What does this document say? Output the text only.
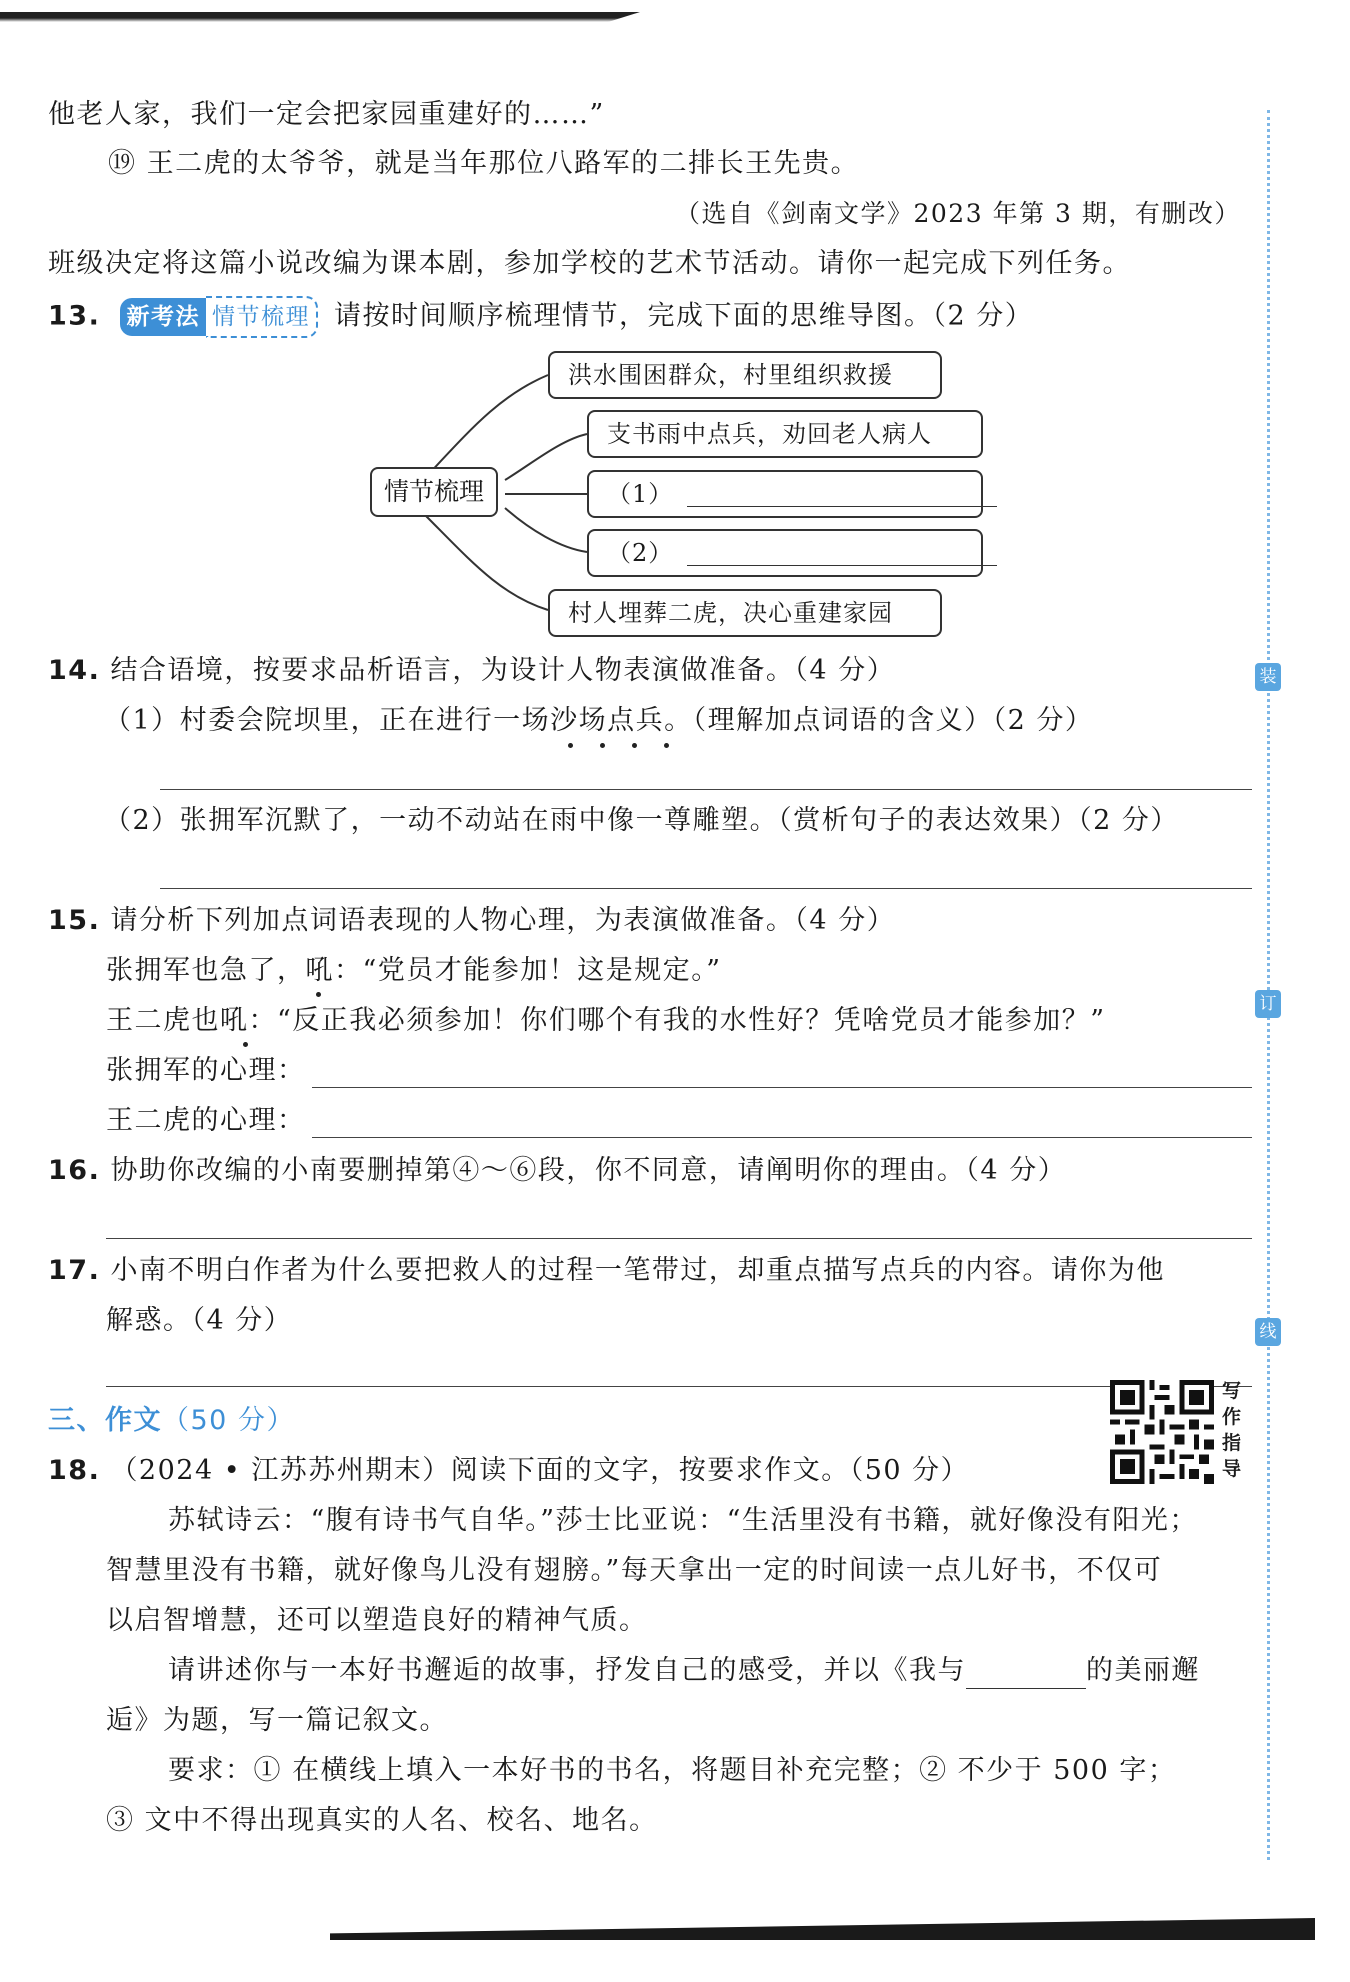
装
订
线
他老人家，我们一定会把家园重建好的……”
⑲ 王二虎的太爷爷，就是当年那位八路军的二排长王先贵。
（选自《剑南文学》2023 年第 3 期，有删改）
班级决定将这篇小说改编为课本剧，参加学校的艺术节活动。请你一起完成下列任务。
13. 新考法 情节梳理 请按时间顺序梳理情节，完成下面的思维导图。（2 分）
情节梳理
洪水围困群众，村里组织救援
支书雨中点兵，劝回老人病人
（1）
（2）
村人埋葬二虎，决心重建家园
14. 结合语境，按要求品析语言，为设计人物表演做准备。（4 分）
（1）村委会院坝里，正在进行一场沙场点兵。（理解加点词语的含义）（2 分）
（2）张拥军沉默了，一动不动站在雨中像一尊雕塑。（赏析句子的表达效果）（2 分）
15. 请分析下列加点词语表现的人物心理，为表演做准备。（4 分）
张拥军也急了，吼：“党员才能参加！这是规定。”
王二虎也吼：“反正我必须参加！你们哪个有我的水性好？凭啥党员才能参加？”
张拥军的心理：
王二虎的心理：
16. 协助你改编的小南要删掉第④～⑥段，你不同意，请阐明你的理由。（4 分）
17. 小南不明白作者为什么要把救人的过程一笔带过，却重点描写点兵的内容。请你为他
解惑。（4 分）
三、作文（50 分）
写
作
指
导
18. （2024 • 江苏苏州期末）阅读下面的文字，按要求作文。（50 分）
苏轼诗云：“腹有诗书气自华。”莎士比亚说：“生活里没有书籍，就好像没有阳光；
智慧里没有书籍，就好像鸟儿没有翅膀。”每天拿出一定的时间读一点儿好书，不仅可
以启智增慧，还可以塑造良好的精神气质。
请讲述你与一本好书邂逅的故事，抒发自己的感受，并以《我与	的美丽邂
逅》为题，写一篇记叙文。
要求：① 在横线上填入一本好书的书名，将题目补充完整；② 不少于 500 字；
③ 文中不得出现真实的人名、校名、地名。
